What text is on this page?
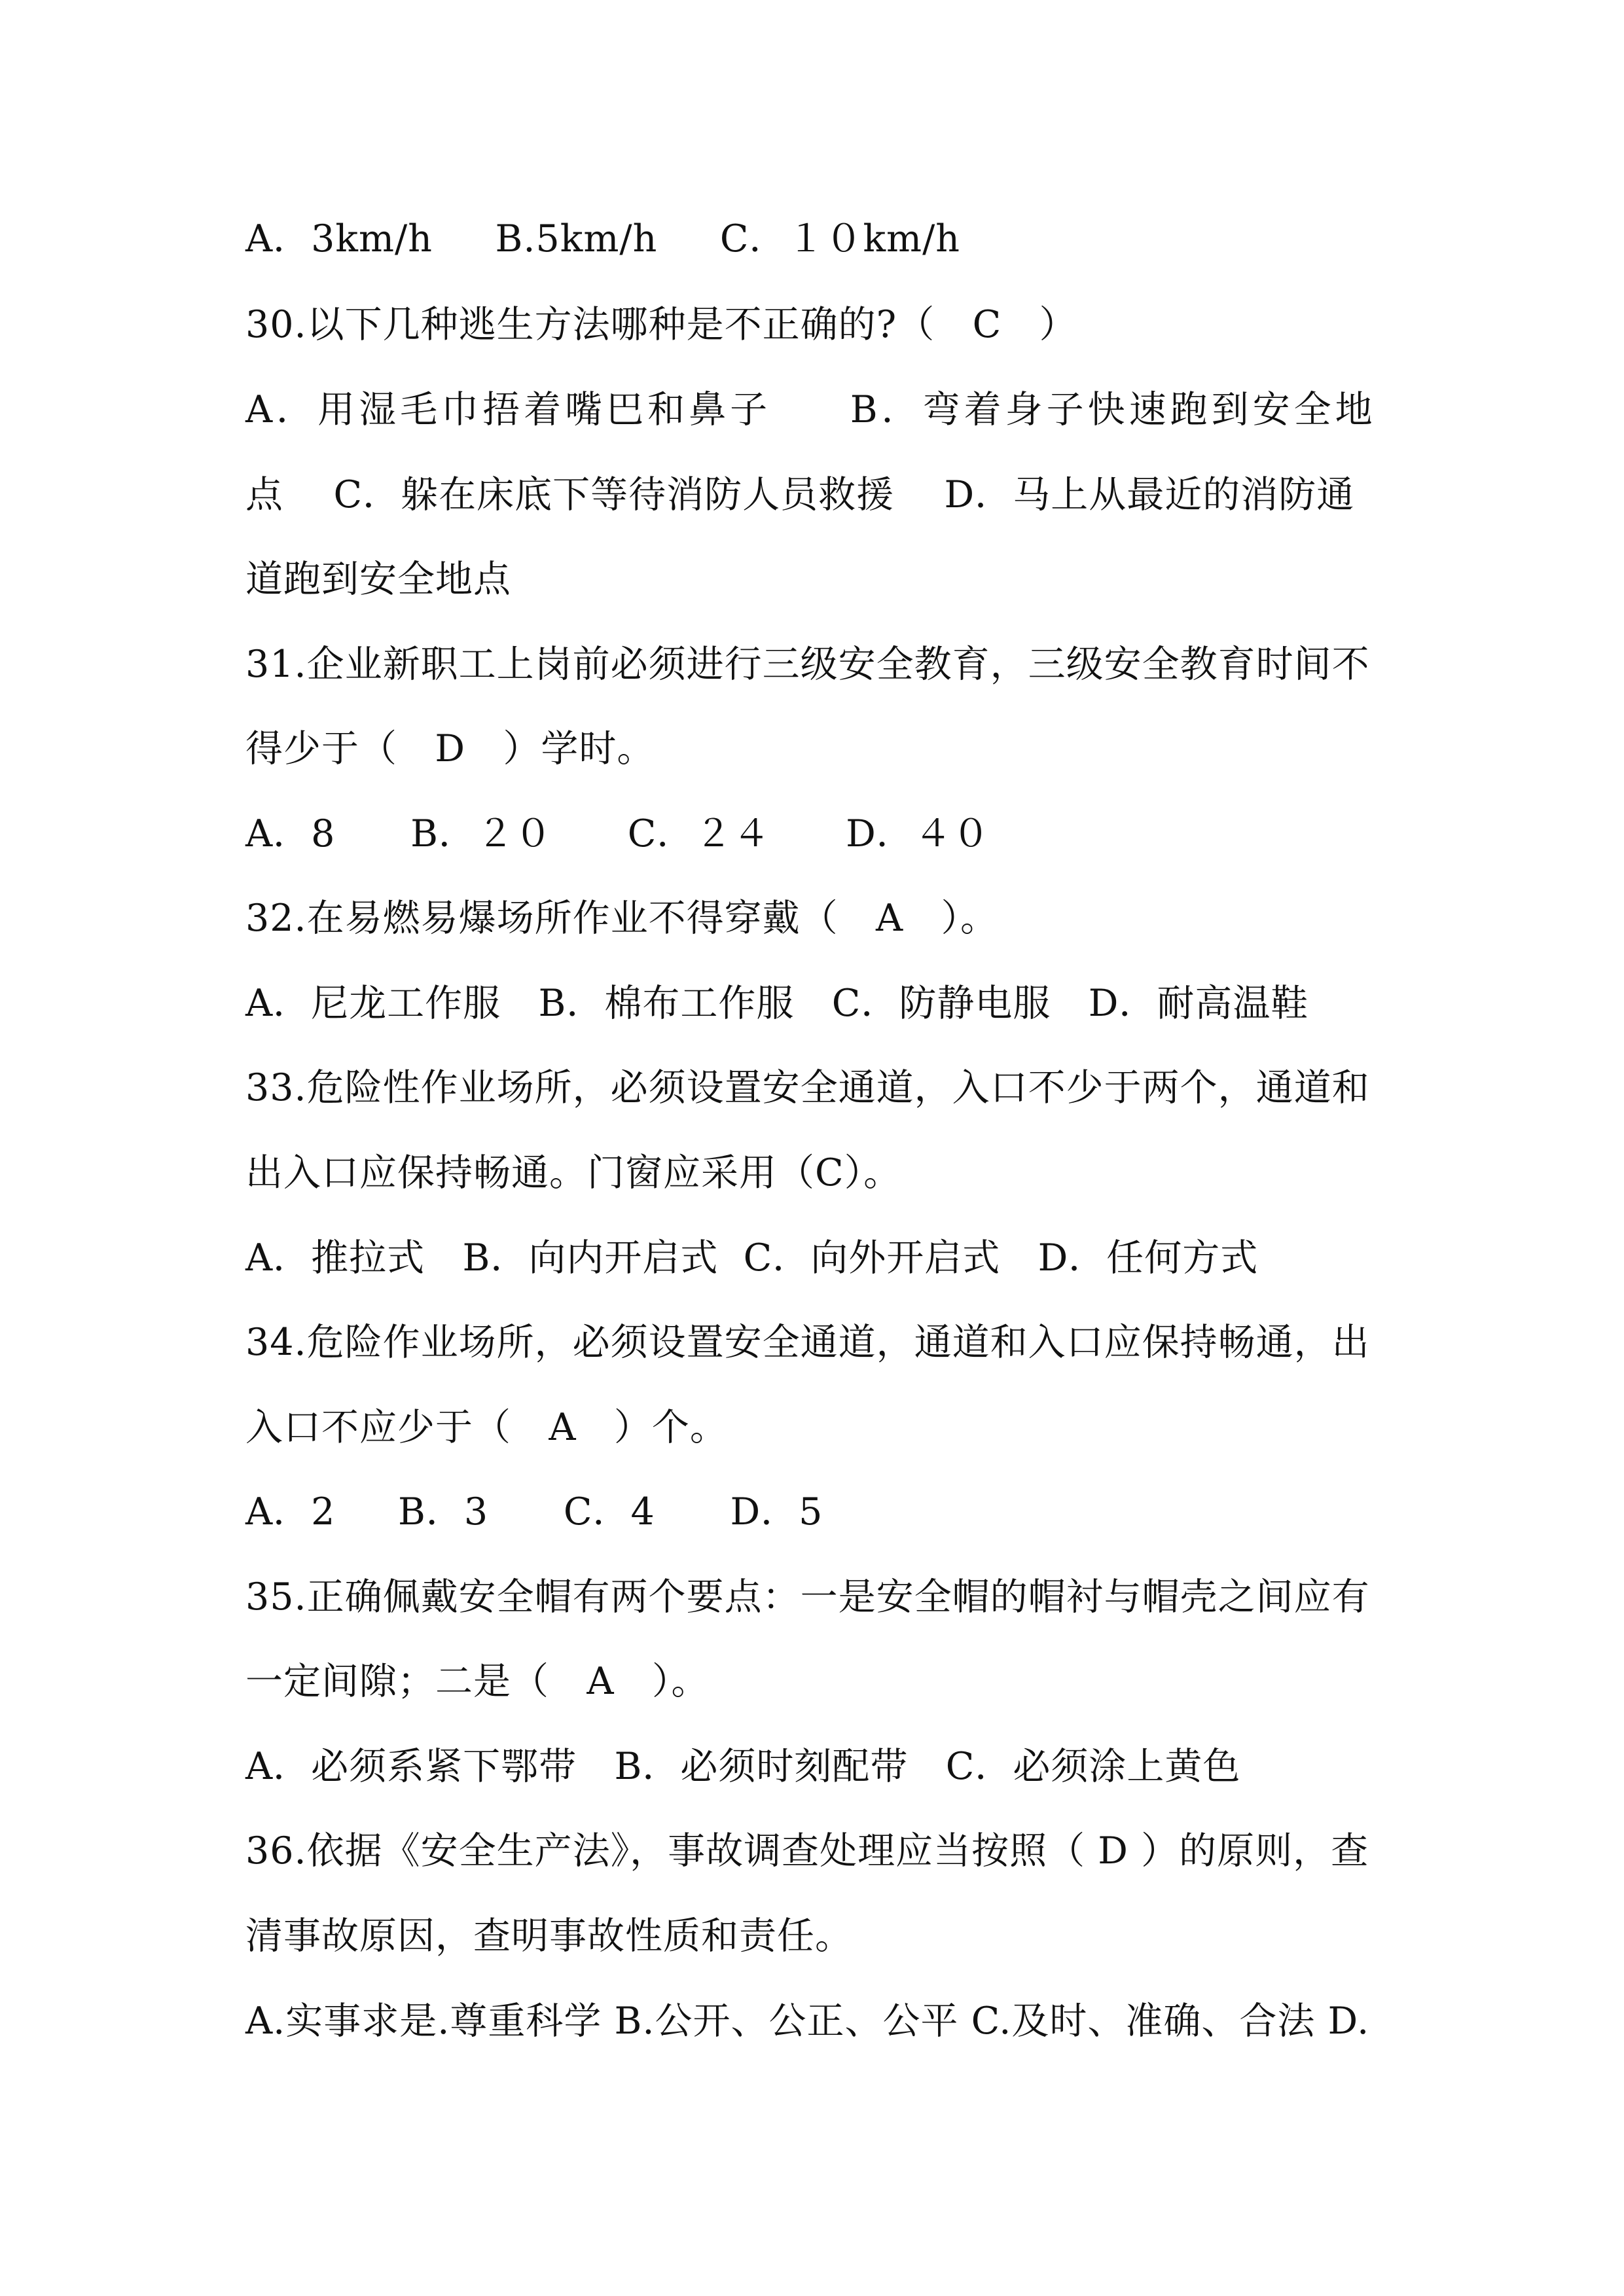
A．3km/h     B.5km/h     C．１０km/h
30.以下几种逃生方法哪种是不正确的?（   C   ）
A．用湿毛巾捂着嘴巴和鼻子     B．弯着身子快速跑到安全地
点    C．躲在床底下等待消防人员救援    D．马上从最近的消防通
道跑到安全地点
31.企业新职工上岗前必须进行三级安全教育，三级安全教育时间不
得少于（   D   ）学时。
A．8      B．２０      C．２４      D．４０
32.在易燃易爆场所作业不得穿戴（   A   ）。
A．尼龙工作服   B．棉布工作服   C．防静电服   D．耐高温鞋
33.危险性作业场所，必须设置安全通道，入口不少于两个，通道和
出入口应保持畅通。门窗应采用（C）。
A．推拉式   B．向内开启式  C．向外开启式   D．任何方式
34.危险作业场所，必须设置安全通道，通道和入口应保持畅通，出
入口不应少于（   A   ）个。
A．2     B．3      C．4      D．5
35.正确佩戴安全帽有两个要点：一是安全帽的帽衬与帽壳之间应有
一定间隙；二是（   A   ）。
A．必须系紧下鄂带   B．必须时刻配带   C．必须涂上黄色
36.依据《安全生产法》，事故调查处理应当按照（ D ）的原则，查
清事故原因，查明事故性质和责任。
A.实事求是.尊重科学 B.公开、公正、公平 C.及时、准确、合法 D.
